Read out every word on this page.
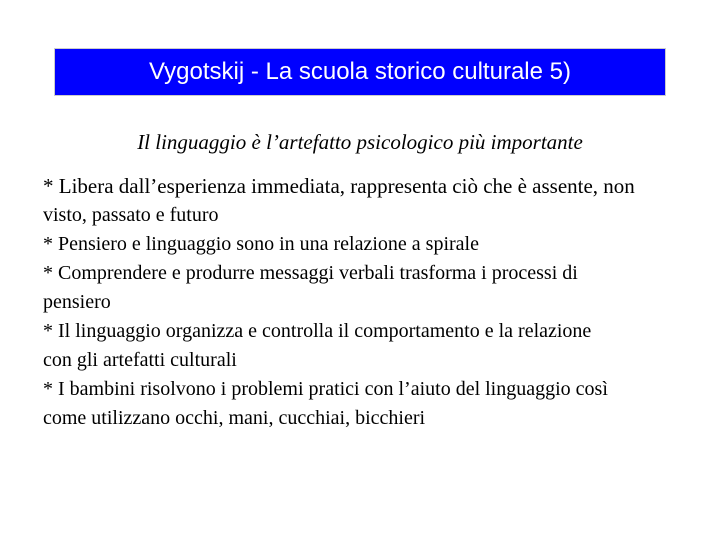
Vygotskij - La scuola storico culturale 5)
Il linguaggio è l’artefatto psicologico più importante
* Libera dall’esperienza immediata, rappresenta ciò che è assente, non
visto, passato e futuro
* Pensiero e linguaggio sono in una relazione a spirale
* Comprendere e produrre messaggi verbali trasforma i processi di
pensiero
* Il linguaggio organizza e controlla il comportamento e la relazione
con gli artefatti culturali
* I bambini risolvono i problemi pratici con l’aiuto del linguaggio così
come utilizzano occhi, mani, cucchiai, bicchieri
